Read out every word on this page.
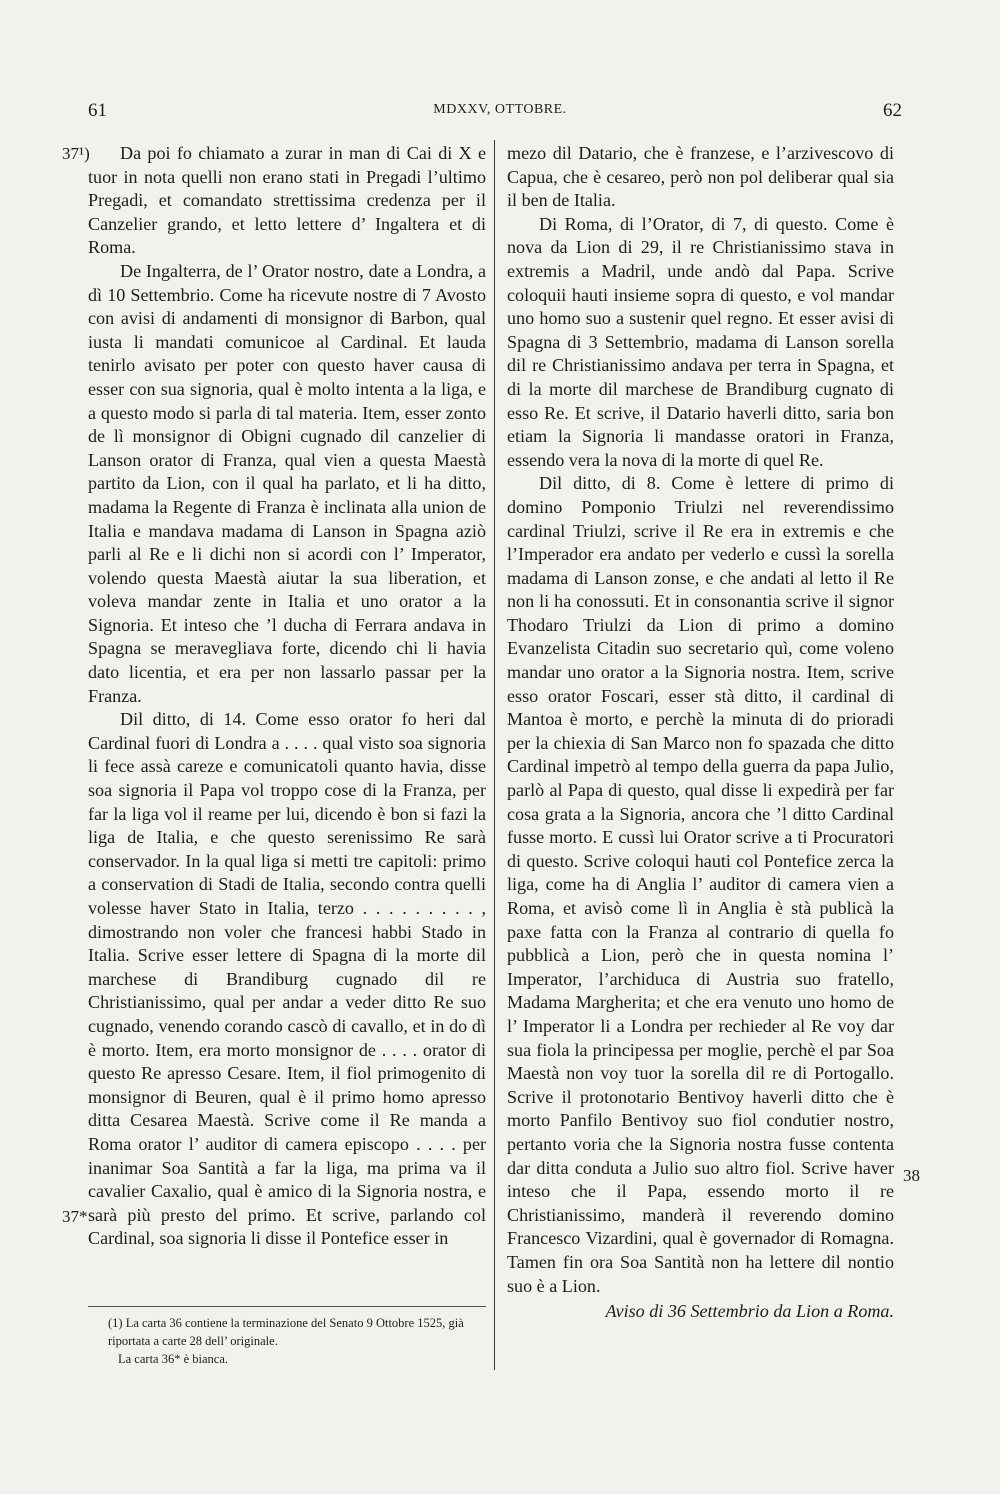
61	MDXXV, OTTOBRE.	62
37¹)
37*
38

Da poi fo chiamato a zurar in man di Cai di X e tuor in nota quelli non erano stati in Pregadi l’ultimo Pregadi, et comandato strettissima credenza per il Canzelier grando, et letto lettere d’ Ingaltera et di Roma.

De Ingalterra, de l’ Orator nostro, date a Londra, a dì 10 Settembrio. Come ha ricevute nostre di 7 Avosto con avisi di andamenti di monsignor di Barbon, qual iusta li mandati comunicoe al Cardinal. Et lauda tenirlo avisato per poter con questo haver causa di esser con sua signoria, qual è molto intenta a la liga, e a questo modo si parla di tal materia. Item, esser zonto de lì monsignor di Obigni cugnado dil canzelier di Lanson orator di Franza, qual vien a questa Maestà partito da Lion, con il qual ha parlato, et li ha ditto, madama la Regente di Franza è inclinata alla union de Italia e mandava madama di Lanson in Spagna aziò parli al Re e li dichi non si acordi con l’ Imperator, volendo questa Maestà aiutar la sua liberation, et voleva mandar zente in Italia et uno orator a la Signoria. Et inteso che ’l ducha di Ferrara andava in Spagna se meravegliava forte, dicendo chi li havia dato licentia, et era per non lassarlo passar per la Franza.

Dil ditto, di 14. Come esso orator fo heri dal Cardinal fuori di Londra a . . . . qual visto soa signoria li fece assà careze e comunicatoli quanto havia, disse soa signoria il Papa vol troppo cose di la Franza, per far la liga vol il reame per lui, dicendo è bon si fazi la liga de Italia, e che questo serenissimo Re sarà conservador. In la qual liga si metti tre capitoli: primo a conservation di Stadi de Italia, secondo contra quelli volesse haver Stato in Italia, terzo . . . . . . . . . , dimostrando non voler che francesi habbi Stado in Italia. Scrive esser lettere di Spagna di la morte dil marchese di Brandiburg cugnado dil re Christianissimo, qual per andar a veder ditto Re suo cugnado, venendo corando cascò di cavallo, et in do dì è morto. Item, era morto monsignor de . . . . orator di questo Re apresso Cesare. Item, il fiol primogenito di monsignor di Beuren, qual è il primo homo apresso ditta Cesarea Maestà. Scrive come il Re manda a Roma orator l’ auditor di camera episcopo . . . . per inanimar Soa Santità a far la liga, ma prima va il cavalier Caxalio, qual è amico di la Signoria nostra, e sarà più presto del primo. Et scrive, parlando col Cardinal, soa signoria li disse il Pontefice esser in

mezo dil Datario, che è franzese, e l’arzivescovo di Capua, che è cesareo, però non pol deliberar qual sia il ben de Italia.

Di Roma, di l’Orator, di 7, di questo. Come è nova da Lion di 29, il re Christianissimo stava in extremis a Madril, unde andò dal Papa. Scrive coloquii hauti insieme sopra di questo, e vol mandar uno homo suo a sustenir quel regno. Et esser avisi di Spagna di 3 Settembrio, madama di Lanson sorella dil re Christianissimo andava per terra in Spagna, et di la morte dil marchese de Brandiburg cugnato di esso Re. Et scrive, il Datario haverli ditto, saria bon etiam la Signoria li mandasse oratori in Franza, essendo vera la nova di la morte di quel Re.

Dil ditto, di 8. Come è lettere di primo di domino Pomponio Triulzi nel reverendissimo cardinal Triulzi, scrive il Re era in extremis e che l’Imperador era andato per vederlo e cussì la sorella madama di Lanson zonse, e che andati al letto il Re non li ha conossuti. Et in consonantia scrive il signor Thodaro Triulzi da Lion di primo a domino Evanzelista Citadin suo secretario quì, come voleno mandar uno orator a la Signoria nostra. Item, scrive esso orator Foscari, esser stà ditto, il cardinal di Mantoa è morto, e perchè la minuta di do prioradi per la chiexia di San Marco non fo spazada che ditto Cardinal impetrò al tempo della guerra da papa Julio, parlò al Papa di questo, qual disse li expedirà per far cosa grata a la Signoria, ancora che ’l ditto Cardinal fusse morto. E cussì lui Orator scrive a ti Procuratori di questo. Scrive coloqui hauti col Pontefice zerca la liga, come ha di Anglia l’ auditor di camera vien a Roma, et avisò come lì in Anglia è stà publicà la paxe fatta con la Franza al contrario di quella fo pubblicà a Lion, però che in questa nomina l’ Imperator, l’archiduca di Austria suo fratello, Madama Margherita; et che era venuto uno homo de l’ Imperator li a Londra per rechieder al Re voy dar sua fiola la principessa per moglie, perchè el par Soa Maestà non voy tuor la sorella dil re di Portogallo. Scrive il protonotario Bentivoy haverli ditto che è morto Panfilo Bentivoy suo fiol condutier nostro, pertanto voria che la Signoria nostra fusse contenta dar ditta conduta a Julio suo altro fiol. Scrive haver inteso che il Papa, essendo morto il re Christianissimo, manderà il reverendo domino Francesco Vizardini, qual è governador di Romagna. Tamen fin ora Soa Santità non ha lettere dil nontio suo è a Lion.

Aviso di 36 Settembrio da Lion a Roma.

(1) La carta 36 contiene la terminazione del Senato 9 Ottobre 1525, già riportata a carte 28 dell’ originale.

La carta 36* è bianca.
